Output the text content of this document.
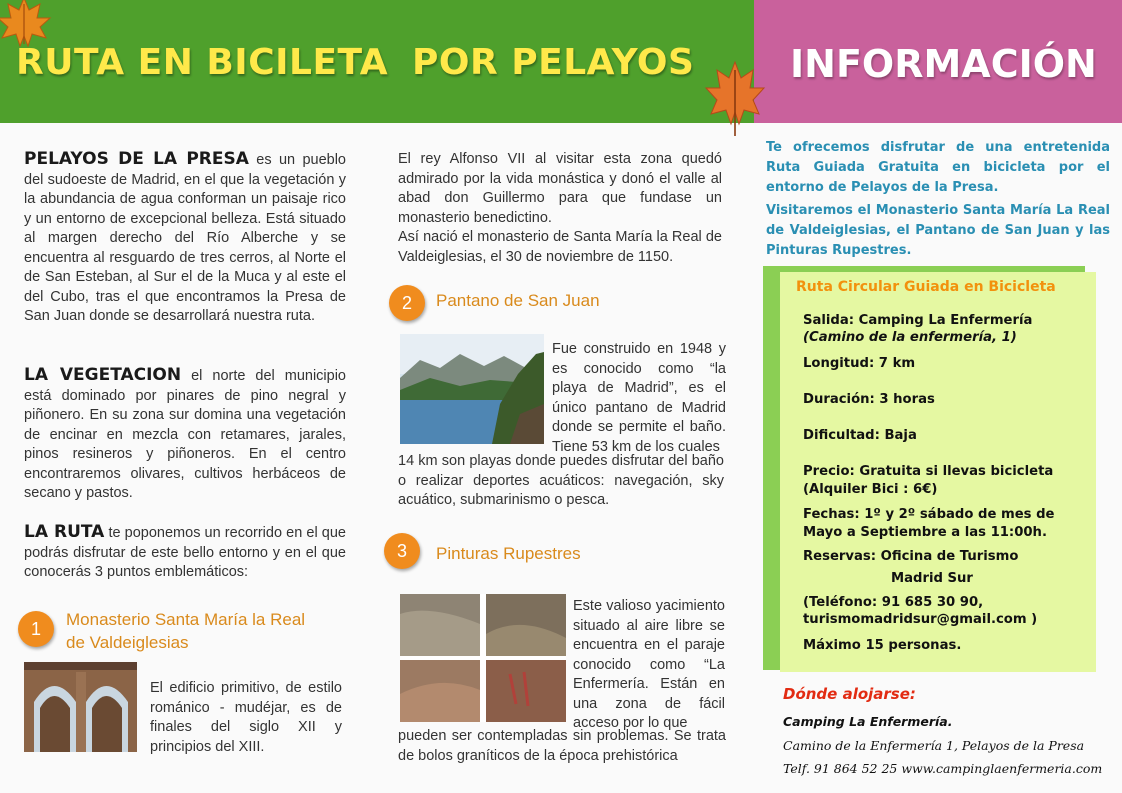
RUTA EN BICILETA POR PELAYOS	INFORMACIÓN
PELAYOS DE LA PRESA es un pueblo del sudoeste de Madrid, en el que la vegetación y la abundancia de agua conforman un paisaje rico y un entorno de excepcional belleza. Está situado al margen derecho del Río Alberche y se encuentra al resguardo de tres cerros, al Norte el de San Esteban, al Sur el de la Muca y al este el del Cubo, tras el que encontramos la Presa de San Juan donde se desarrollará nuestra ruta.
LA VEGETACION el norte del municipio está dominado por pinares de pino negral y piñonero. En su zona sur domina una vegetación de encinar en mezcla con retamares, jarales, pinos resineros y piñoneros. En el centro encontraremos olivares, cultivos herbáceos de secano y pastos.
LA RUTA te poponemos un recorrido en el que podrás disfrutar de este bello entorno y en el que conocerás 3 puntos emblemáticos:
1	Monasterio Santa María la Real
de Valdeiglesias
El edificio primitivo, de estilo románico - mudéjar, es de finales del siglo XII y principios del XIII.
El rey Alfonso VII al visitar esta zona quedó admirado por la vida monástica y donó el valle al abad don Guillermo para que fundase un monasterio benedictino.
Así nació el monasterio de Santa María la Real de Valdeiglesias, el 30 de noviembre de 1150.
2	Pantano de San Juan
Fue construido en 1948 y es conocido como “la playa de Madrid”, es el único pantano de Madrid donde se permite el baño. Tiene 53 km de los cuales
14 km son playas donde puedes disfrutar del baño o realizar deportes acuáticos: navegación, sky acuático, submarinismo o pesca.
3	Pinturas Rupestres
Este valioso yacimiento situado al aire libre se encuentra en el paraje conocido como “La Enfermería. Están en una zona de fácil acceso por lo que
pueden ser contempladas sin problemas. Se trata de bolos graníticos de la época prehistórica
Te ofrecemos disfrutar de una entretenida Ruta Guiada Gratuita en bicicleta por el entorno de Pelayos de la Presa.
Visitaremos el Monasterio Santa María La Real de Valdeiglesias, el Pantano de San Juan y las Pinturas Rupestres.
Ruta Circular Guiada en Bicicleta
Salida: Camping La Enfermería
(Camino de la enfermería, 1)
Longitud: 7 km
Duración: 3 horas
Dificultad: Baja
Precio: Gratuita si llevas bicicleta
(Alquiler Bici : 6€)
Fechas: 1º y 2º sábado de mes de
Mayo a Septiembre a las 11:00h.
Reservas: Oficina de Turismo
Madrid Sur
(Teléfono: 91 685 30 90,
turismomadridsur@gmail.com )
Máximo 15 personas.
Dónde alojarse:
Camping La Enfermería.
Camino de la Enfermería 1, Pelayos de la Presa
Telf. 91 864 52 25 www.campinglaenfermeria.com
